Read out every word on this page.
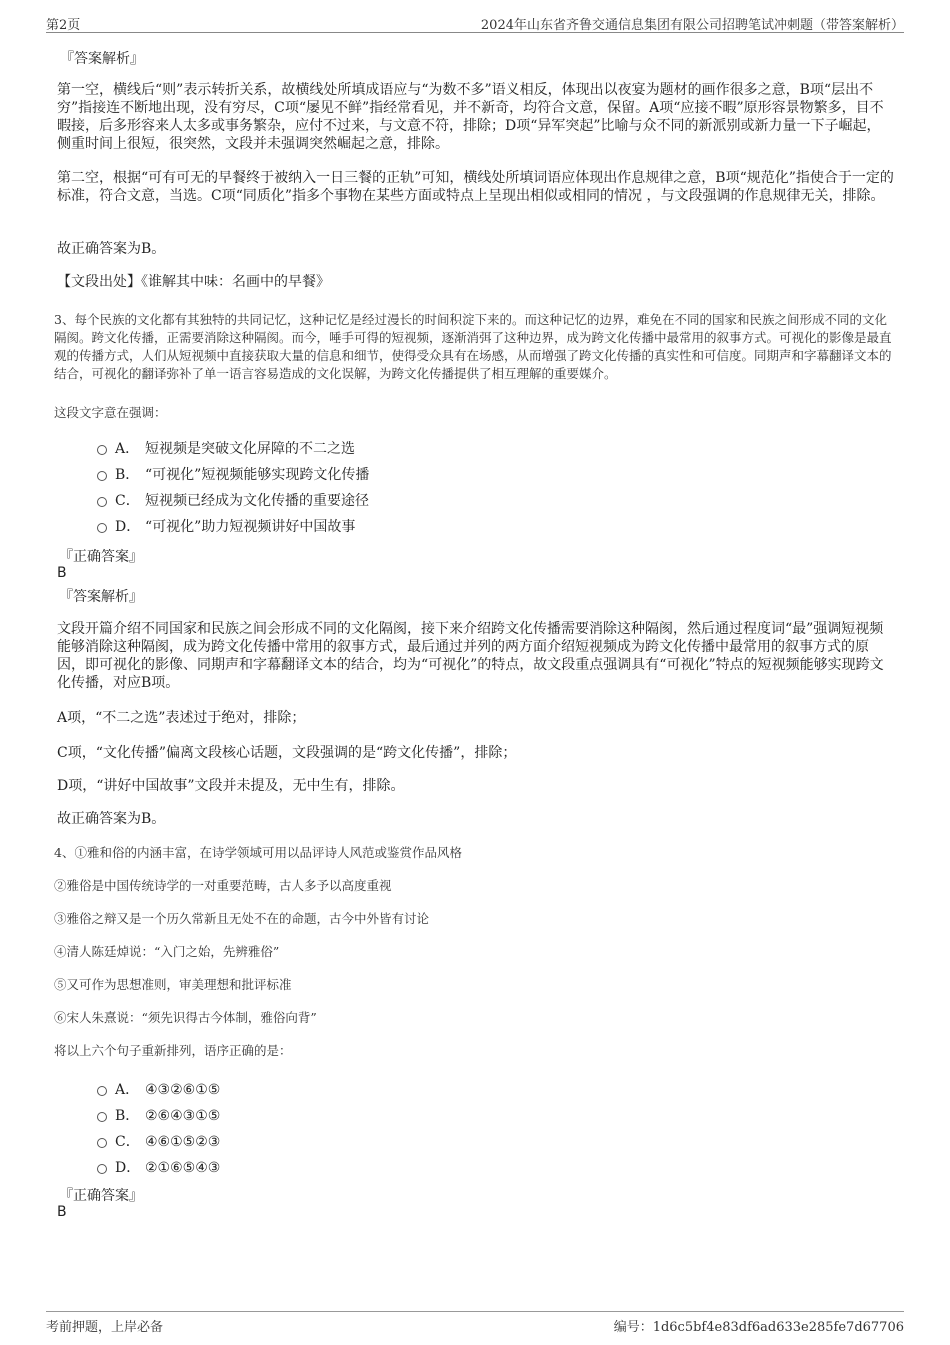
第2页	2024年山东省齐鲁交通信息集团有限公司招聘笔试冲刺题（带答案解析）
『答案解析』

第一空，横线后“则”表示转折关系，故横线处所填成语应与“为数不多”语义相反，体现出以夜宴为题材的画作很多之意，B项“层出不穷”指接连不断地出现，没有穷尽，C项“屡见不鲜”指经常看见，并不新奇，均符合文意，保留。A项“应接不暇”原形容景物繁多，目不暇接，后多形容来人太多或事务繁杂，应付不过来，与文意不符，排除；D项“异军突起”比喻与众不同的新派别或新力量一下子崛起，侧重时间上很短，很突然，文段并未强调突然崛起之意，排除。

第二空，根据“可有可无的早餐终于被纳入一日三餐的正轨”可知，横线处所填词语应体现出作息规律之意，B项“规范化”指使合于一定的标准，符合文意，当选。C项“同质化”指多个事物在某些方面或特点上呈现出相似或相同的情况 ，与文段强调的作息规律无关，排除。

故正确答案为B。
【文段出处】《谁解其中味：名画中的早餐》

3、每个民族的文化都有其独特的共同记忆，这种记忆是经过漫长的时间积淀下来的。而这种记忆的边界，难免在不同的国家和民族之间形成不同的文化隔阂。跨文化传播，正需要消除这种隔阂。而今，唾手可得的短视频，逐渐消弭了这种边界，成为跨文化传播中最常用的叙事方式。可视化的影像是最直观的传播方式，人们从短视频中直接获取大量的信息和细节，使得受众具有在场感，从而增强了跨文化传播的真实性和可信度。同期声和字幕翻译文本的结合，可视化的翻译弥补了单一语言容易造成的文化误解，为跨文化传播提供了相互理解的重要媒介。

这段文字意在强调：
A． 短视频是突破文化屏障的不二之选
B． “可视化”短视频能够实现跨文化传播
C． 短视频已经成为文化传播的重要途径
D． “可视化”助力短视频讲好中国故事
『正确答案』
B
『答案解析』

文段开篇介绍不同国家和民族之间会形成不同的文化隔阂，接下来介绍跨文化传播需要消除这种隔阂，然后通过程度词“最”强调短视频能够消除这种隔阂，成为跨文化传播中常用的叙事方式，最后通过并列的两方面介绍短视频成为跨文化传播中最常用的叙事方式的原因，即可视化的影像、同期声和字幕翻译文本的结合，均为“可视化”的特点，故文段重点强调具有“可视化”特点的短视频能够实现跨文化传播，对应B项。

A项，“不二之选”表述过于绝对，排除；
C项，“文化传播”偏离文段核心话题，文段强调的是“跨文化传播”，排除；
D项，“讲好中国故事”文段并未提及，无中生有，排除。
故正确答案为B。
4、①雅和俗的内涵丰富，在诗学领域可用以品评诗人风范或鉴赏作品风格
②雅俗是中国传统诗学的一对重要范畴，古人多予以高度重视
③雅俗之辩又是一个历久常新且无处不在的命题，古今中外皆有讨论
④清人陈廷焯说：“入门之始，先辨雅俗”
⑤又可作为思想准则，审美理想和批评标准
⑥宋人朱熹说：“须先识得古今体制，雅俗向背”
将以上六个句子重新排列，语序正确的是：
A． ④③②⑥①⑤
B． ②⑥④③①⑤
C． ④⑥①⑤②③
D． ②①⑥⑤④③
『正确答案』
B
考前押题，上岸必备	编号：1d6c5bf4e83df6ad633e285fe7d67706
